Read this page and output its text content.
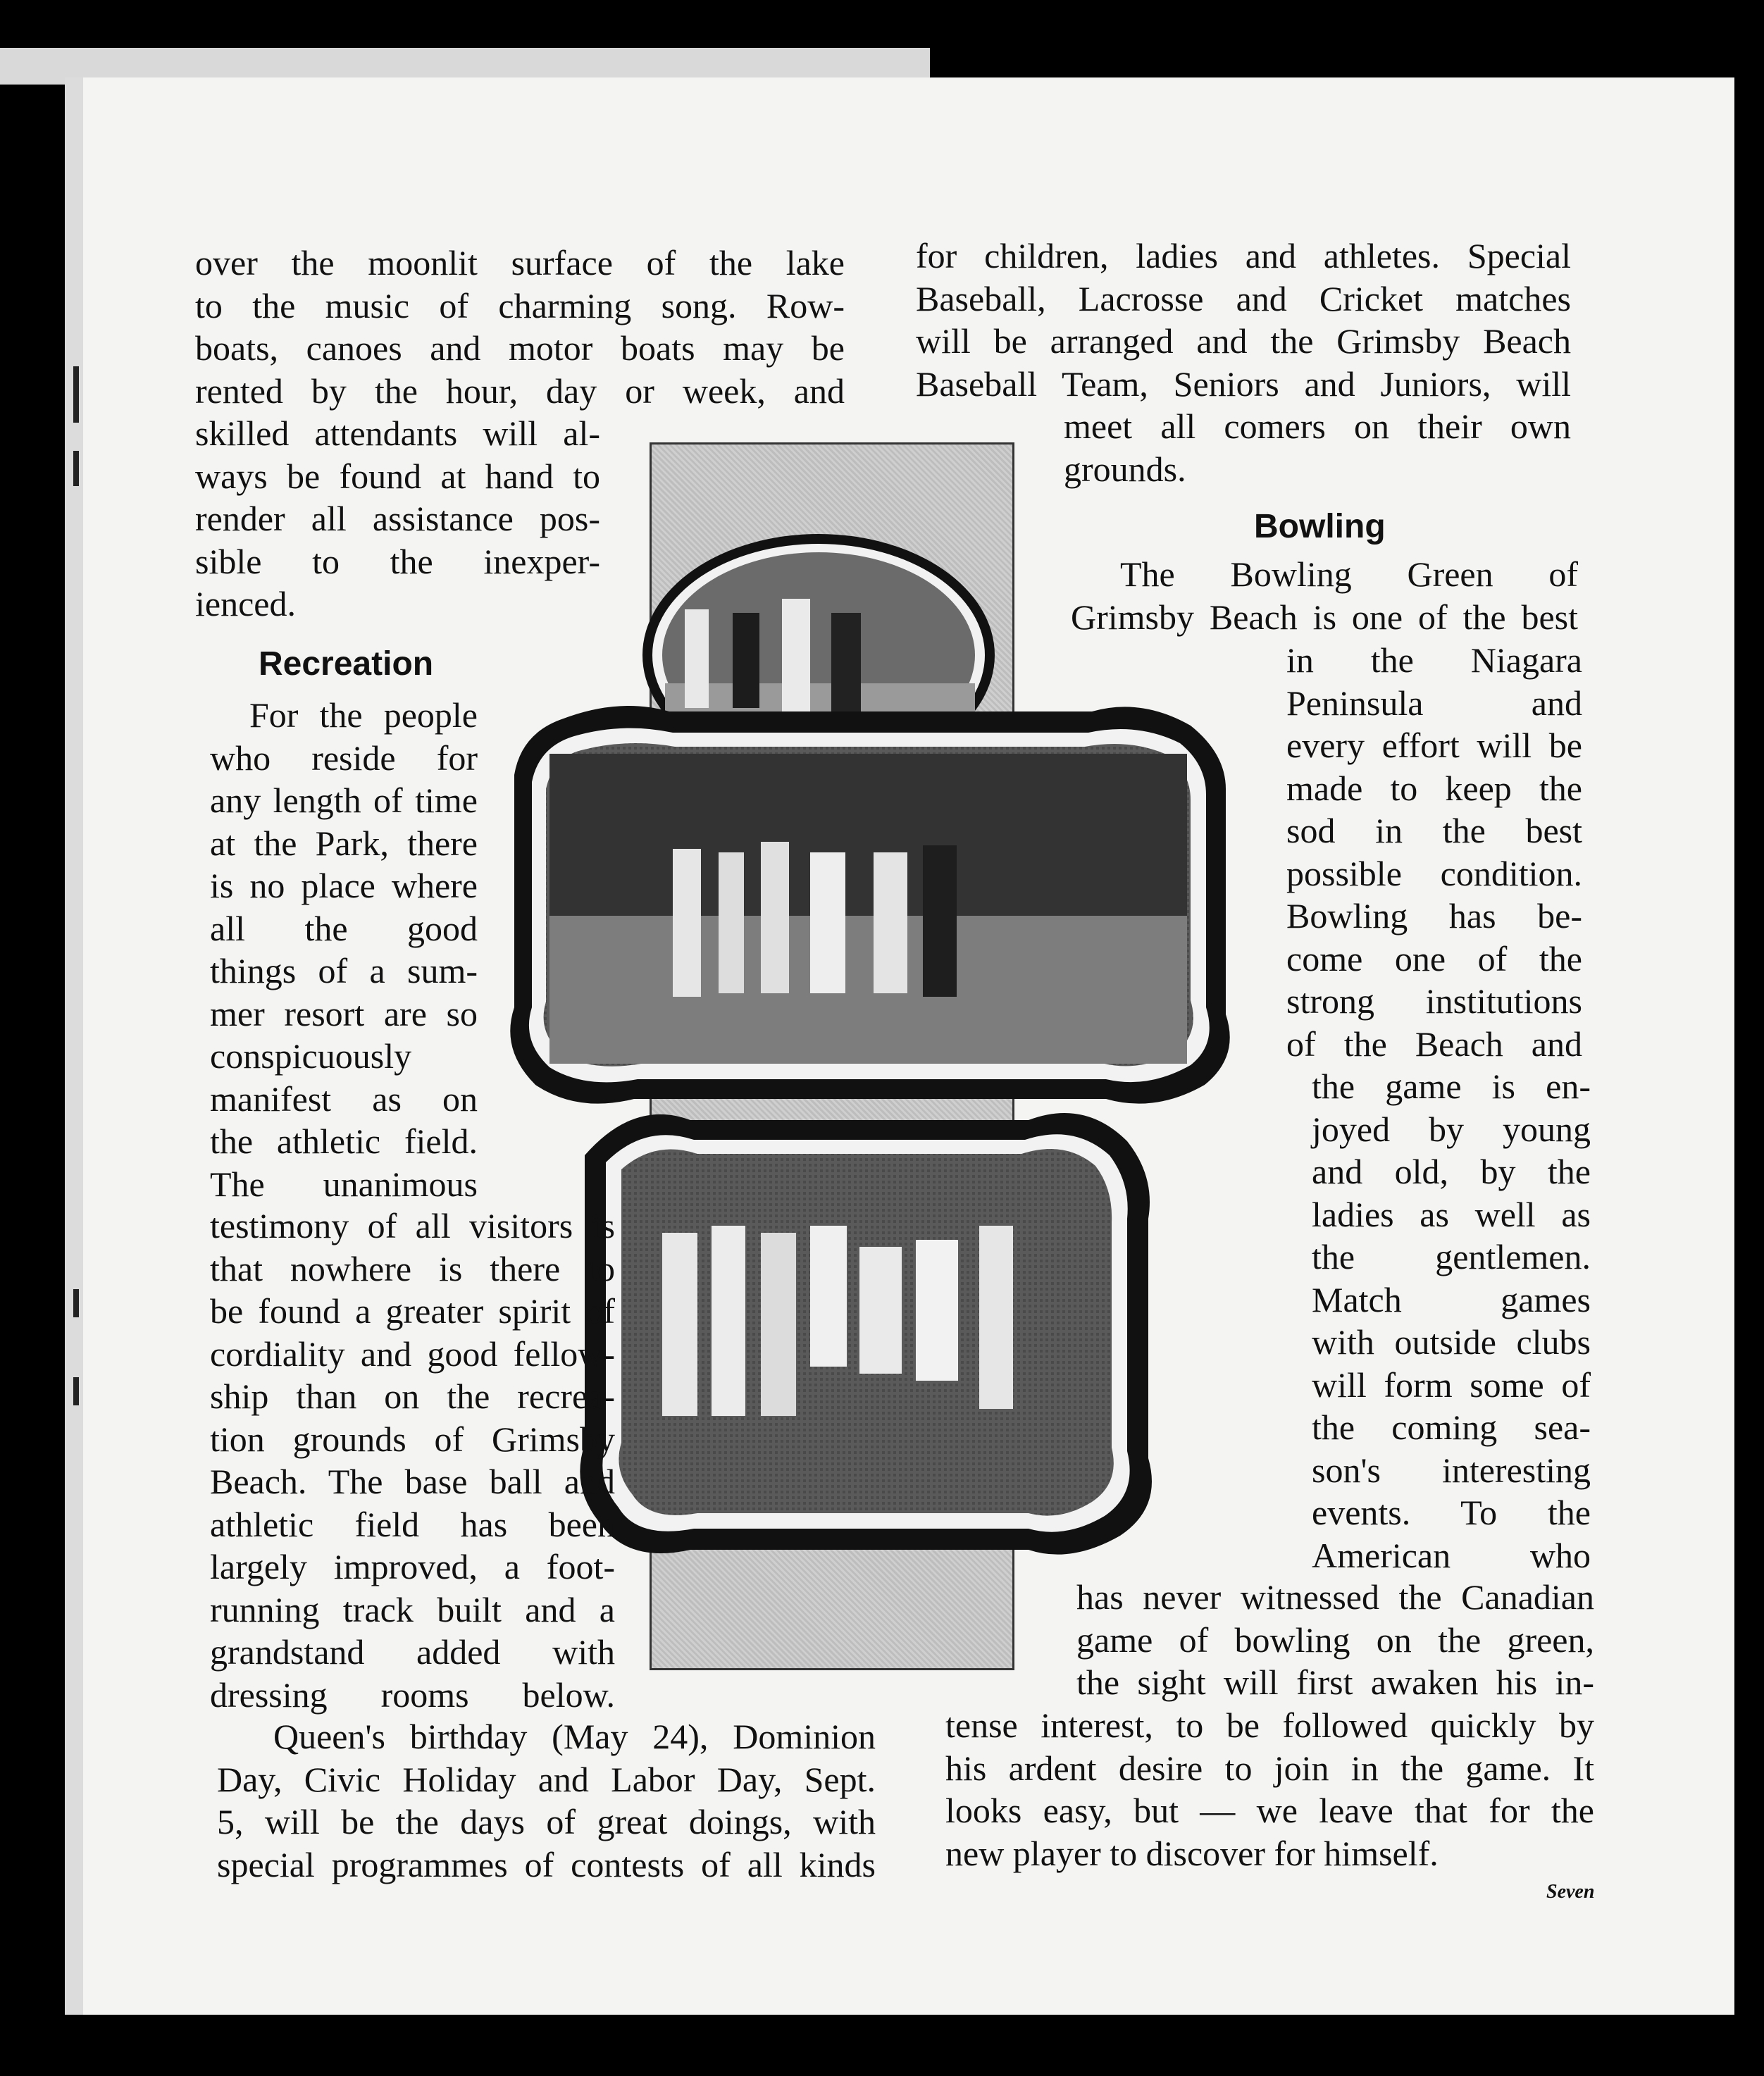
over the moonlit surface of the lake
to the music of charming song. Row-
boats, canoes and motor boats may be
rented by the hour, day or week, and

skilled attendants will al-
ways be found at hand to
render all assistance pos-
sible to the inexper-
ienced.

Recreation

For the people
who reside for
any length of time
at the Park, there
is no place where
all the good
things of a sum-
mer resort are so
conspicuously
manifest as on
the athletic field.
The unanimous

testimony of all visitors is
that nowhere is there to
be found a greater spirit of
cordiality and good fellow-
ship than on the recrea-
tion grounds of Grimsby
Beach. The base ball and
athletic field has been
largely improved, a foot-
running track built and a
grandstand added with
dressing rooms below.

Queen's birthday (May 24), Dominion
Day, Civic Holiday and Labor Day, Sept.
5, will be the days of great doings, with
special programmes of contests of all kinds

for children, ladies and athletes. Special
Baseball, Lacrosse and Cricket matches
will be arranged and the Grimsby Beach
Baseball Team, Seniors and Juniors, will

meet all comers on their own
grounds.

Bowling

The Bowling Green of
Grimsby Beach is one of the best

in the Niagara
Peninsula and
every effort will be
made to keep the
sod in the best
possible condition.
Bowling has be-
come one of the
strong institutions
of the Beach and

the game is en-
joyed by young
and old, by the
ladies as well as
the gentlemen.
Match games
with outside clubs
will form some of
the coming sea-
son's interesting
events. To the
American who

has never witnessed the Canadian
game of bowling on the green,
the sight will first awaken his in-

tense interest, to be followed quickly by
his ardent desire to join in the game. It
looks easy, but — we leave that for the
new player to discover for himself.

Seven
